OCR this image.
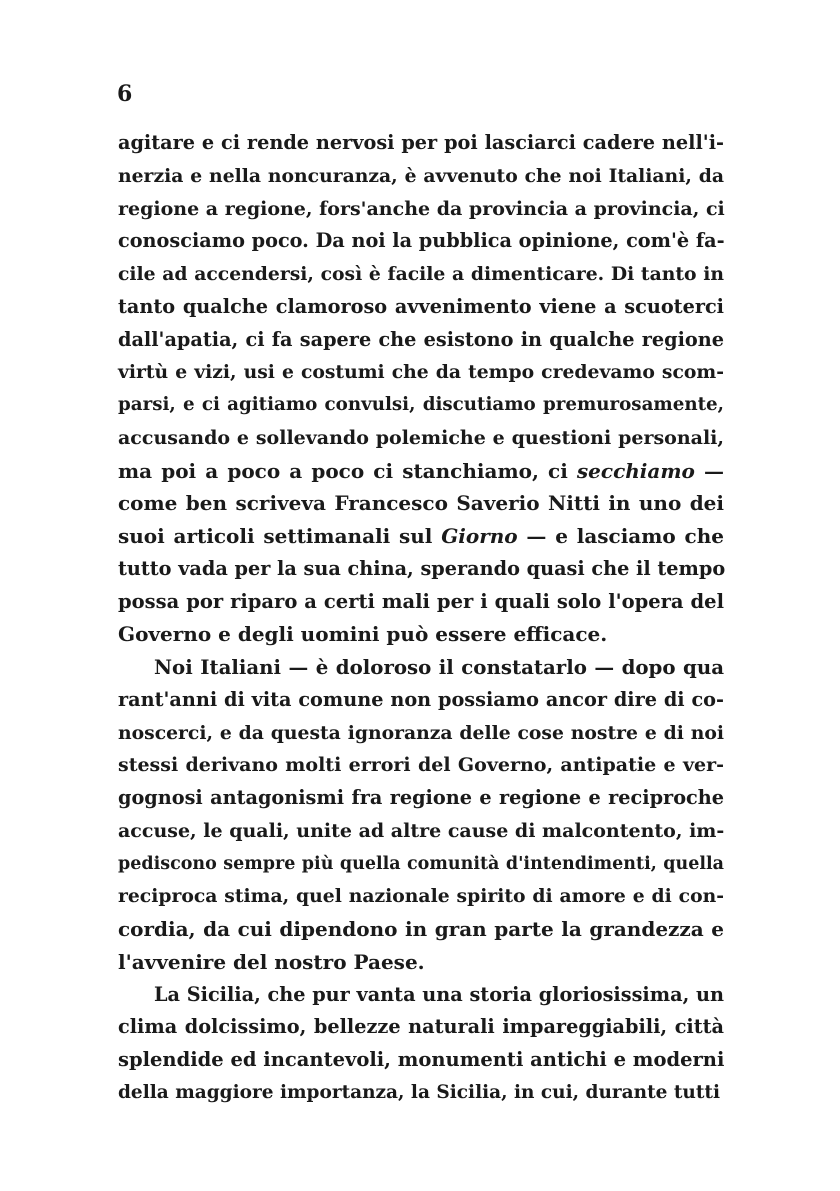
6
agitare e ci rende nervosi per poi lasciarci cadere nell'i-
nerzia e nella noncuranza, è avvenuto che noi Italiani, da
regione a regione, fors'anche da provincia a provincia, ci
conosciamo poco. Da noi la pubblica opinione, com'è fa-
cile ad accendersi, così è facile a dimenticare. Di tanto in
tanto qualche clamoroso avvenimento viene a scuoterci
dall'apatia, ci fa sapere che esistono in qualche regione
virtù e vizi, usi e costumi che da tempo credevamo scom-
parsi, e ci agitiamo convulsi, discutiamo premurosamente,
accusando e sollevando polemiche e questioni personali,
ma poi a poco a poco ci stanchiamo, ci secchiamo —
come ben scriveva Francesco Saverio Nitti in uno dei
suoi articoli settimanali sul Giorno — e lasciamo che
tutto vada per la sua china, sperando quasi che il tempo
possa por riparo a certi mali per i quali solo l'opera del
Governo e degli uomini può essere efficace.
Noi Italiani — è doloroso il constatarlo — dopo qua
rant'anni di vita comune non possiamo ancor dire di co-
noscerci, e da questa ignoranza delle cose nostre e di noi
stessi derivano molti errori del Governo, antipatie e ver-
gognosi antagonismi fra regione e regione e reciproche
accuse, le quali, unite ad altre cause di malcontento, im-
pediscono sempre più quella comunità d'intendimenti, quella
reciproca stima, quel nazionale spirito di amore e di con-
cordia, da cui dipendono in gran parte la grandezza e
l'avvenire del nostro Paese.
La Sicilia, che pur vanta una storia gloriosissima, un
clima dolcissimo, bellezze naturali impareggiabili, città
splendide ed incantevoli, monumenti antichi e moderni
della maggiore importanza, la Sicilia, in cui, durante tutti
